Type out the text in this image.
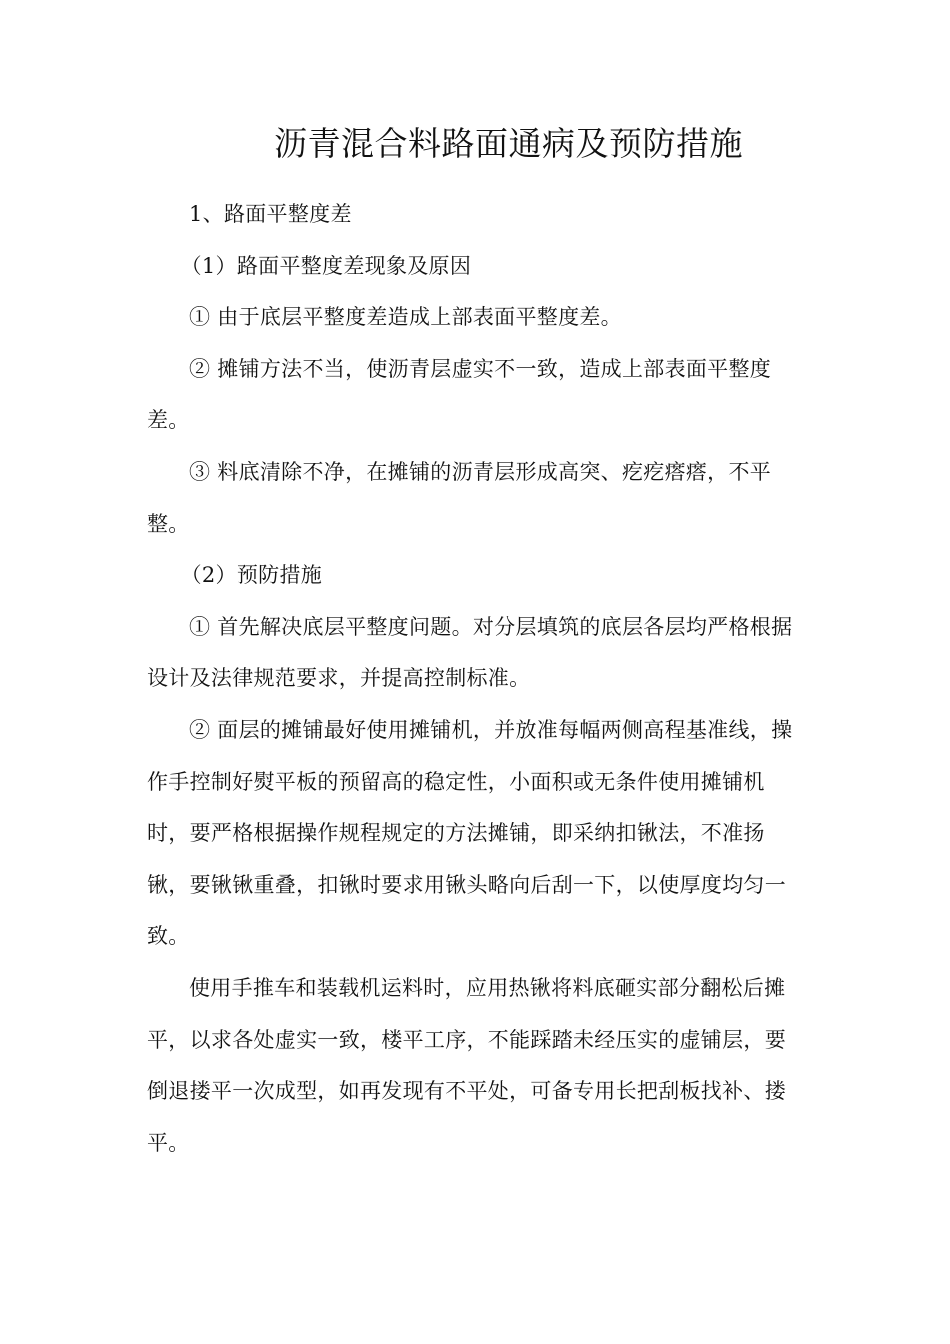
沥青混合料路面通病及预防措施

1、路面平整度差

（1）路面平整度差现象及原因

① 由于底层平整度差造成上部表面平整度差。

② 摊铺方法不当，使沥青层虚实不一致，造成上部表面平整度差。

③ 料底清除不净，在摊铺的沥青层形成高突、疙疙瘩瘩，不平整。

（2）预防措施

① 首先解决底层平整度问题。对分层填筑的底层各层均严格根据设计及法律规范要求，并提高控制标准。

② 面层的摊铺最好使用摊铺机，并放准每幅两侧高程基准线，操作手控制好熨平板的预留高的稳定性，小面积或无条件使用摊铺机时，要严格根据操作规程规定的方法摊铺，即采纳扣锹法，不准扬锹，要锹锹重叠，扣锹时要求用锹头略向后刮一下，以使厚度均匀一致。

使用手推车和装载机运料时，应用热锹将料底砸实部分翻松后摊平，以求各处虚实一致，楼平工序，不能踩踏未经压实的虚铺层，要倒退搂平一次成型，如再发现有不平处，可备专用长把刮板找补、搂平。
